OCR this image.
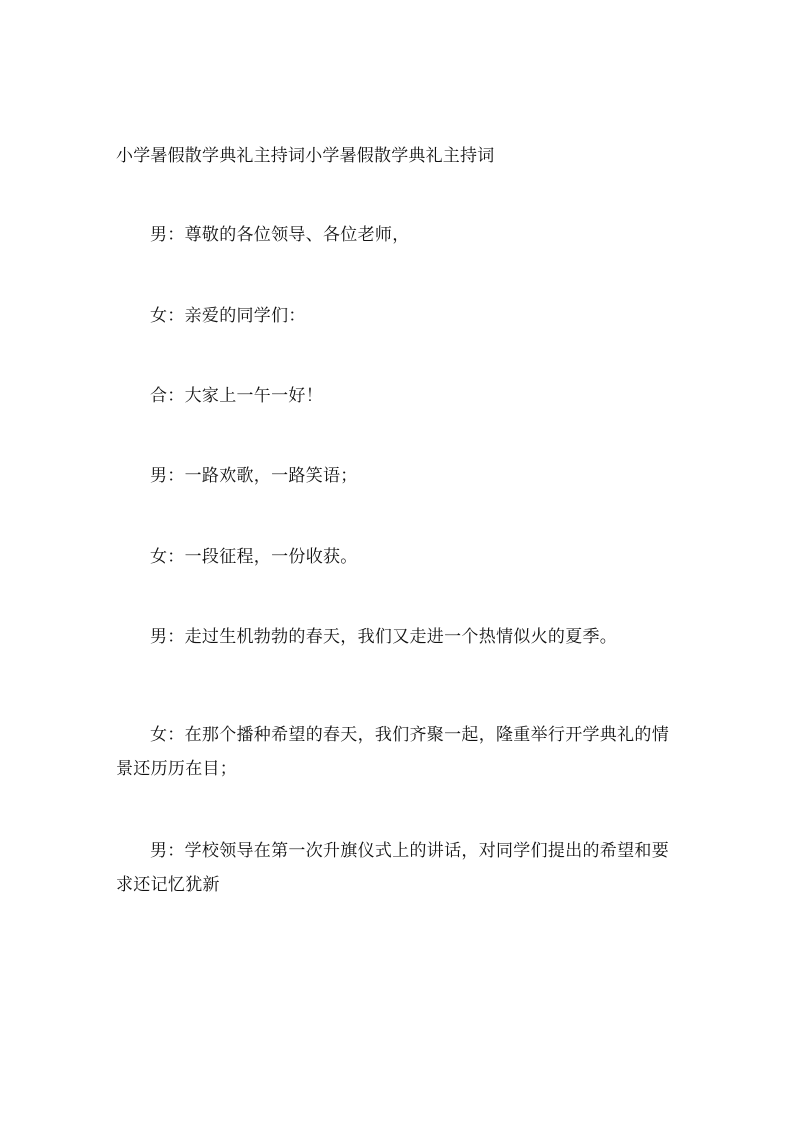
小学暑假散学典礼主持词小学暑假散学典礼主持词

男：尊敬的各位领导、各位老师，

女：亲爱的同学们：

合：大家上一午一好！

男：一路欢歌，一路笑语；

女：一段征程，一份收获。

男：走过生机勃勃的春天，我们又走进一个热情似火的夏季。

女：在那个播种希望的春天，我们齐聚一起，隆重举行开学典礼的情景还历历在目；

男：学校领导在第一次升旗仪式上的讲话，对同学们提出的希望和要求还记忆犹新
